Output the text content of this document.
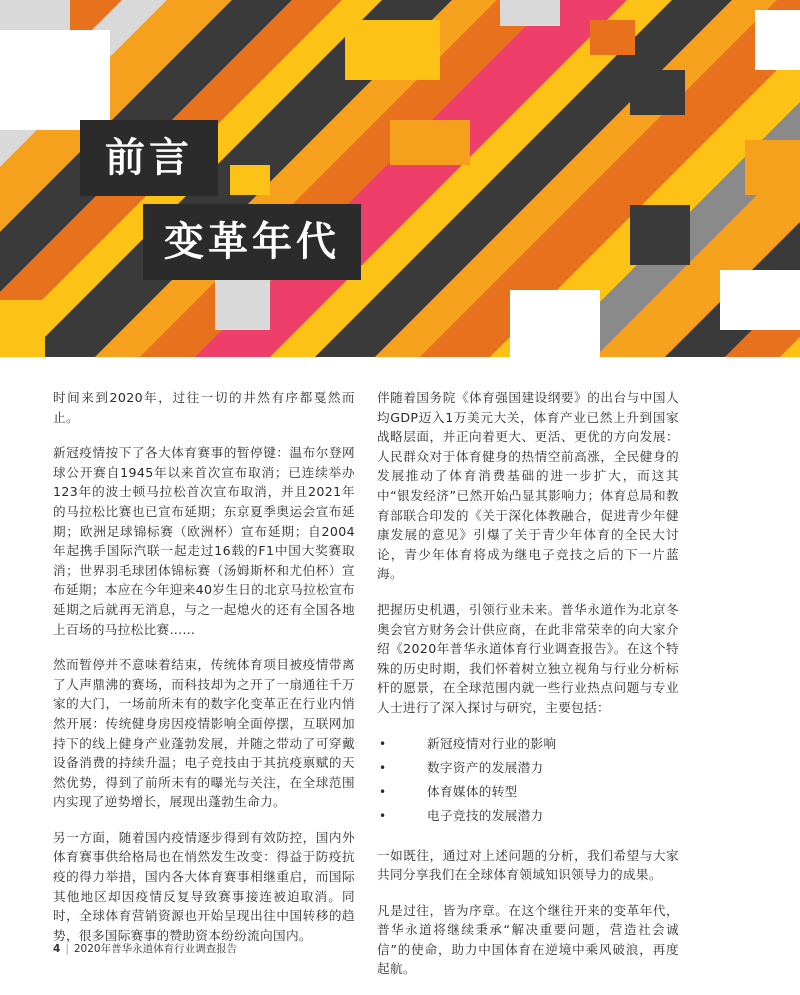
前言
变革年代

时间来到2020年，过往一切的井然有序都戛然而止。

新冠疫情按下了各大体育赛事的暂停键：温布尔登网球公开赛自1945年以来首次宣布取消；已连续举办123年的波士顿马拉松首次宣布取消，并且2021年的马拉松比赛也已宣布延期；东京夏季奥运会宣布延期；欧洲足球锦标赛（欧洲杯）宣布延期；自2004年起携手国际汽联一起走过16载的F1中国大奖赛取消；世界羽毛球团体锦标赛（汤姆斯杯和尤伯杯）宣布延期；本应在今年迎来40岁生日的北京马拉松宣布延期之后就再无消息，与之一起熄火的还有全国各地上百场的马拉松比赛……

然而暂停并不意味着结束，传统体育项目被疫情带离了人声鼎沸的赛场，而科技却为之开了一扇通往千万家的大门，一场前所未有的数字化变革正在行业内悄然开展：传统健身房因疫情影响全面停摆，互联网加持下的线上健身产业蓬勃发展，并随之带动了可穿戴设备消费的持续升温；电子竞技由于其抗疫禀赋的天然优势，得到了前所未有的曝光与关注，在全球范围内实现了逆势增长，展现出蓬勃生命力。

另一方面，随着国内疫情逐步得到有效防控，国内外体育赛事供给格局也在悄然发生改变：得益于防疫抗疫的得力举措，国内各大体育赛事相继重启，而国际其他地区却因疫情反复导致赛事接连被迫取消。同时，全球体育营销资源也开始呈现出往中国转移的趋势，很多国际赛事的赞助资本纷纷流向国内。

伴随着国务院《体育强国建设纲要》的出台与中国人均GDP迈入1万美元大关，体育产业已然上升到国家战略层面，并正向着更大、更活、更优的方向发展：人民群众对于体育健身的热情空前高涨，全民健身的发展推动了体育消费基础的进一步扩大，而这其中“银发经济”已然开始凸显其影响力；体育总局和教育部联合印发的《关于深化体教融合，促进青少年健康发展的意见》引爆了关于青少年体育的全民大讨论，青少年体育将成为继电子竞技之后的下一片蓝海。

把握历史机遇，引领行业未来。普华永道作为北京冬奥会官方财务会计供应商，在此非常荣幸的向大家介绍《2020年普华永道体育行业调查报告》。在这个特殊的历史时期，我们怀着树立独立视角与行业分析标杆的愿景，在全球范围内就一些行业热点问题与专业人士进行了深入探讨与研究，主要包括：

•	新冠疫情对行业的影响
•	数字资产的发展潜力
•	体育媒体的转型
•	电子竞技的发展潜力

一如既往，通过对上述问题的分析，我们希望与大家共同分享我们在全球体育领域知识领导力的成果。

凡是过往，皆为序章。在这个继往开来的变革年代，普华永道将继续秉承“解决重要问题，营造社会诚信”的使命，助力中国体育在逆境中乘风破浪，再度起航。

4 | 2020年普华永道体育行业调查报告
